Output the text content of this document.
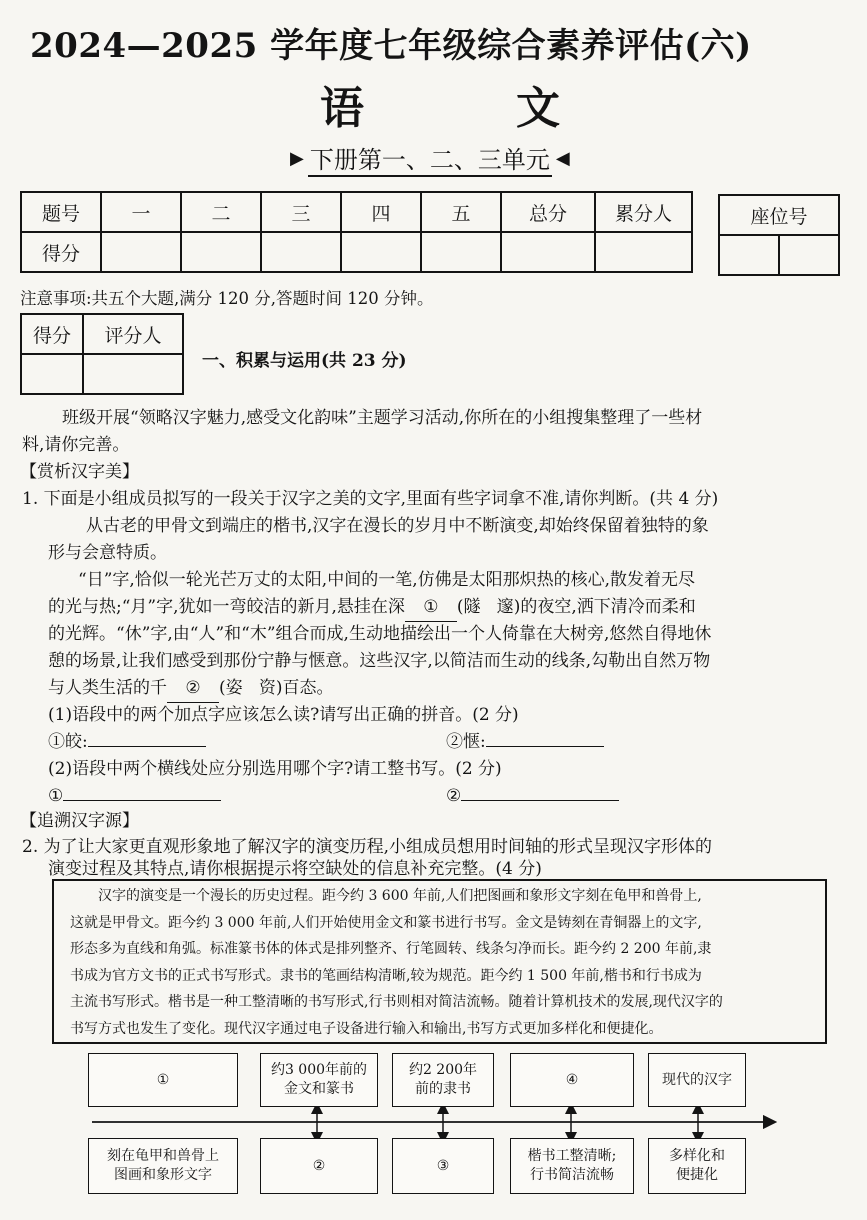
2024—2025 学年度七年级综合素养评估(六)
语	文
▶ 下册第一、二、三单元 ◀
题号	一	二	三	四	五	总分	累分人
得分							
座位号

注意事项:共五个大题,满分 120 分,答题时间 120 分钟。
得分	评分人

一、积累与运用(共 23 分)
班级开展“领略汉字魅力,感受文化韵味”主题学习活动,你所在的小组搜集整理了一些材
料,请你完善。
【赏析汉字美】
1. 下面是小组成员拟写的一段关于汉字之美的文字,里面有些字词拿不准,请你判断。(共 4 分)
从古老的甲骨文到端庄的楷书,汉字在漫长的岁月中不断演变,却始终保留着独特的象
形与会意特质。
“日”字,恰似一轮光芒万丈的太阳,中间的一笔,仿佛是太阳那炽热的核心,散发着无尽
的光与热;“月”字,犹如一弯皎洁的新月,悬挂在深 ① (隧   邃)的夜空,洒下清冷而柔和
的光辉。“休”字,由“人”和“木”组合而成,生动地描绘出一个人倚靠在大树旁,悠然自得地休
憩的场景,让我们感受到那份宁静与惬意。这些汉字,以简洁而生动的线条,勾勒出自然万物
与人类生活的千 ② (姿   资)百态。
(1)语段中的两个加点字应该怎么读?请写出正确的拼音。(2 分)
①皎:	②惬:
(2)语段中两个横线处应分别选用哪个字?请工整书写。(2 分)
①	②
【追溯汉字源】
2. 为了让大家更直观形象地了解汉字的演变历程,小组成员想用时间轴的形式呈现汉字形体的
演变过程及其特点,请你根据提示将空缺处的信息补充完整。(4 分)
汉字的演变是一个漫长的历史过程。距今约 3 600 年前,人们把图画和象形文字刻在龟甲和兽骨上,
这就是甲骨文。距今约 3 000 年前,人们开始使用金文和篆书进行书写。金文是铸刻在青铜器上的文字,
形态多为直线和角弧。标准篆书体的体式是排列整齐、行笔圆转、线条匀净而长。距今约 2 200 年前,隶
书成为官方文书的正式书写形式。隶书的笔画结构清晰,较为规范。距今约 1 500 年前,楷书和行书成为
主流书写形式。楷书是一种工整清晰的书写形式,行书则相对简洁流畅。随着计算机技术的发展,现代汉字的
书写方式也发生了变化。现代汉字通过电子设备进行输入和输出,书写方式更加多样化和便捷化。
①
约3 000年前的
金文和篆书
约2 200年
前的隶书
④	现代的汉字
刻在龟甲和兽骨上
图画和象形文字
②	③
楷书工整清晰;
行书简洁流畅
多样化和
便捷化
